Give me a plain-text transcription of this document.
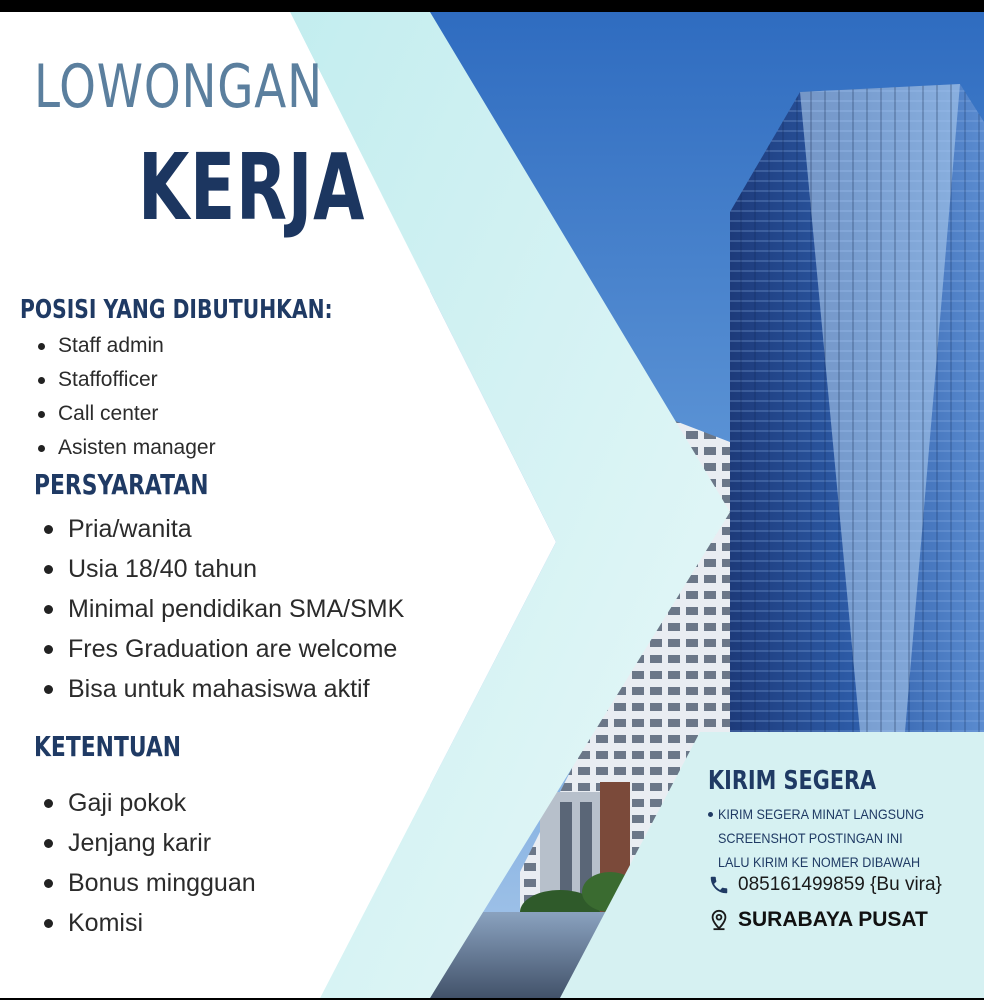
LOWONGAN
KERJA
POSISI YANG DIBUTUHKAN:
Staff admin
Staffofficer
Call center
Asisten manager
PERSYARATAN
Pria/wanita
Usia 18/40 tahun
Minimal pendidikan SMA/SMK
Fres Graduation are welcome
Bisa untuk mahasiswa aktif
KETENTUAN
Gaji pokok
Jenjang karir
Bonus mingguan
Komisi
KIRIM SEGERA
KIRIM SEGERA MINAT LANGSUNG
SCREENSHOT POSTINGAN INI
LALU KIRIM KE NOMER DIBAWAH
085161499859 {Bu vira}
SURABAYA PUSAT
